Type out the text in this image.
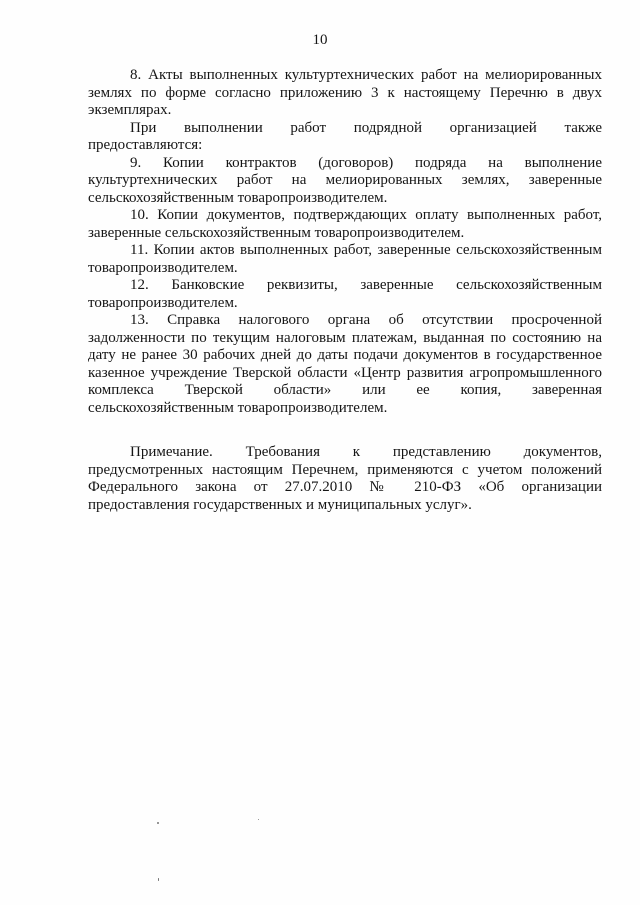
10
8. Акты выполненных культуртехнических работ на мелиорированных
землях по форме согласно приложению 3 к настоящему Перечню в двух
экземплярах.
При выполнении работ подрядной организацией также
предоставляются:
9. Копии контрактов (договоров) подряда на выполнение
культуртехнических работ на мелиорированных землях, заверенные
сельскохозяйственным товаропроизводителем.
10. Копии документов, подтверждающих оплату выполненных работ,
заверенные сельскохозяйственным товаропроизводителем.
11. Копии актов выполненных работ, заверенные сельскохозяйственным
товаропроизводителем.
12. Банковские реквизиты, заверенные сельскохозяйственным
товаропроизводителем.
13. Справка налогового органа об отсутствии просроченной
задолженности по текущим налоговым платежам, выданная по состоянию на
дату не ранее 30 рабочих дней до даты подачи документов в государственное
казенное учреждение Тверской области «Центр развития агропромышленного
комплекса Тверской области» или ее копия, заверенная
сельскохозяйственным товаропроизводителем.
Примечание. Требования к представлению документов,
предусмотренных настоящим Перечнем, применяются с учетом положений
Федерального закона от 27.07.2010 № 210-ФЗ «Об организации
предоставления государственных и муниципальных услуг».
